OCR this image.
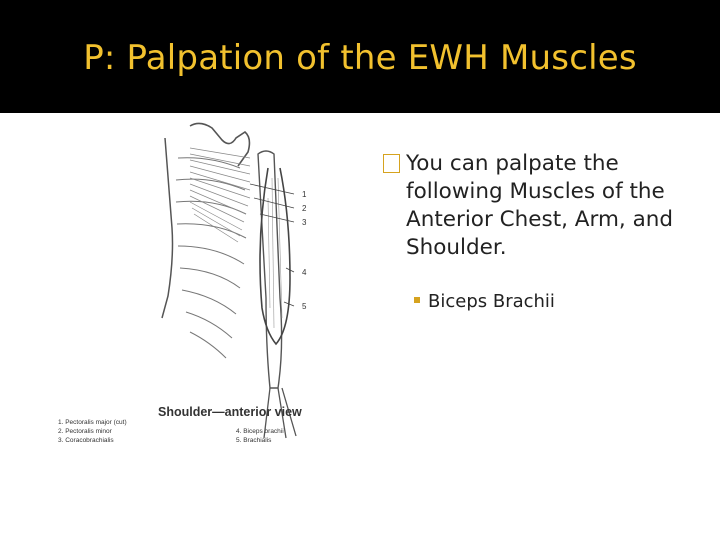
P: Palpation of the EWH Muscles
1
2
3
4
5
Shoulder—anterior view
1. Pectoralis major (cut)
2. Pectoralis minor
3. Coracobrachialis
4. Biceps brachii
5. Brachialis
You can palpate the following Muscles of the Anterior Chest, Arm, and Shoulder.
Biceps Brachii
